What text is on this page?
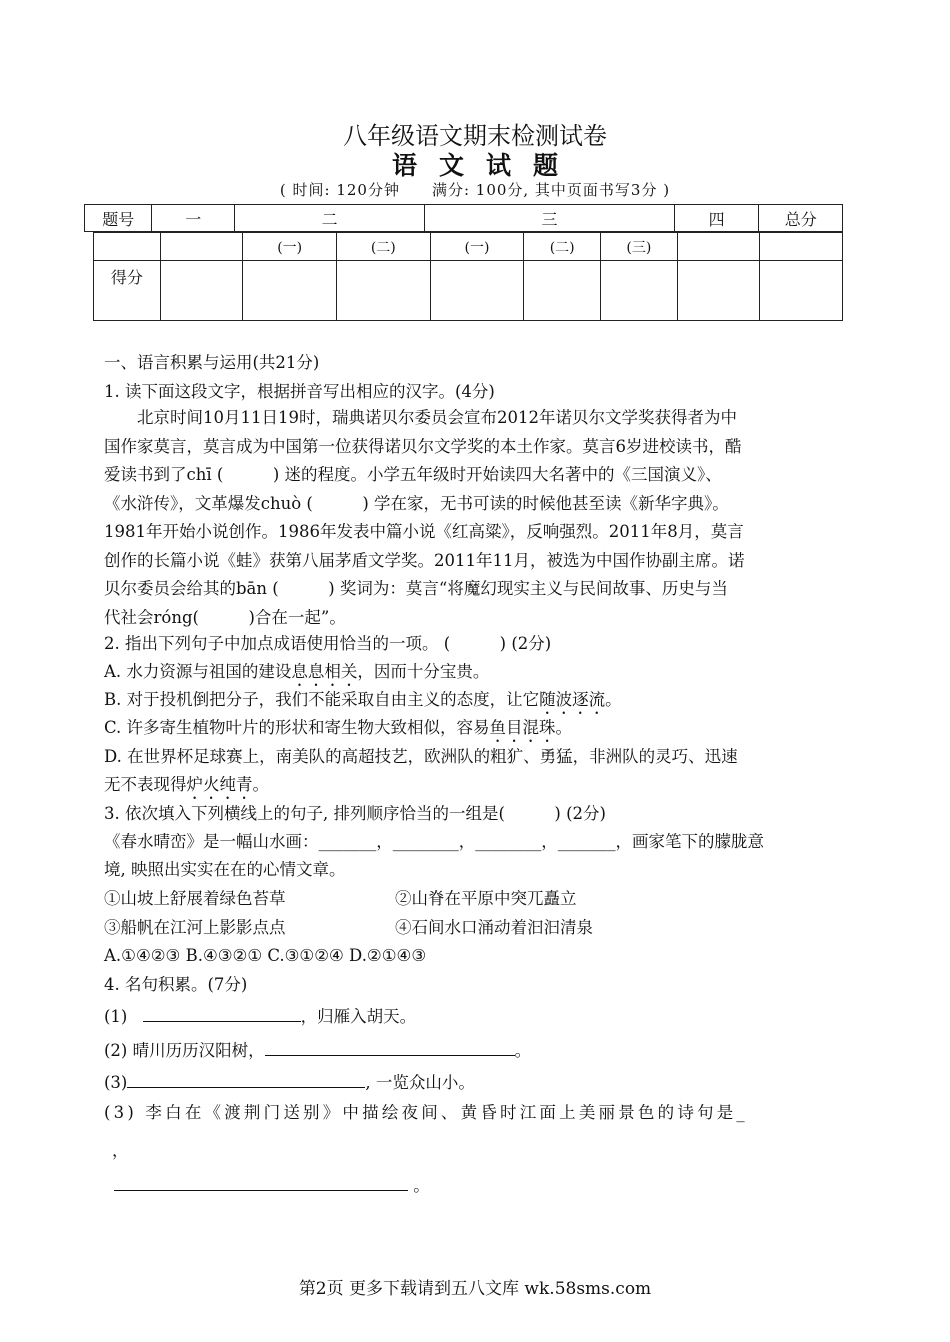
八年级语文期末检测试卷
语文试题
( 时间: 120分钟　　满分: 100分, 其中页面书写3分 )
题号	一	二	三	四	总分
		(一)	(二)	(一)	(二)	(三)		
得分								
一、语言积累与运用(共21分)
1. 读下面这段文字，根据拼音写出相应的汉字。(4分)
北京时间10月11日19时，瑞典诺贝尔委员会宣布2012年诺贝尔文学奖获得者为中
国作家莫言，莫言成为中国第一位获得诺贝尔文学奖的本土作家。莫言6岁进校读书，酷
爱读书到了chī (　　　) 迷的程度。小学五年级时开始读四大名著中的《三国演义》、
《水浒传》，文革爆发chuò (　　　) 学在家，无书可读的时候他甚至读《新华字典》。
1981年开始小说创作。1986年发表中篇小说《红高粱》，反响强烈。2011年8月，莫言
创作的长篇小说《蛙》获第八届茅盾文学奖。2011年11月，被选为中国作协副主席。诺
贝尔委员会给其的bān (　　　) 奖词为：莫言“将魔幻现实主义与民间故事、历史与当
代社会róng(　　　)合在一起”。
2. 指出下列句子中加点成语使用恰当的一项。 (　　　) (2分)
A. 水力资源与祖国的建设息息相关，因而十分宝贵。
B. 对于投机倒把分子，我们不能采取自由主义的态度，让它随波逐流。
C. 许多寄生植物叶片的形状和寄生物大致相似，容易鱼目混珠。
D. 在世界杯足球赛上，南美队的高超技艺，欧洲队的粗犷、勇猛，非洲队的灵巧、迅速
无不表现得炉火纯青。
3. 依次填入下列横线上的句子, 排列顺序恰当的一组是(　　　) (2分)
《春水晴峦》是一幅山水画：_______，________，________，_______，画家笔下的朦胧意
境, 映照出实实在在的心情文章。
①山坡上舒展着绿色苔草	②山脊在平原中突兀矗立
③船帆在江河上影影点点	④石间水口涌动着汩汩清泉
A.①④②③ B.④③②① C.③①②④ D.②①④③
4. 名句积累。(7分)
(1)	，归雁入胡天。
(2) 晴川历历汉阳树，	。
(3)	, 一览众山小。
(3) 李白在《渡荆门送别》中描绘夜间、黄昏时江面上美丽景色的诗句是_
，
。
第2页 更多下载请到五八文库 wk.58sms.com
